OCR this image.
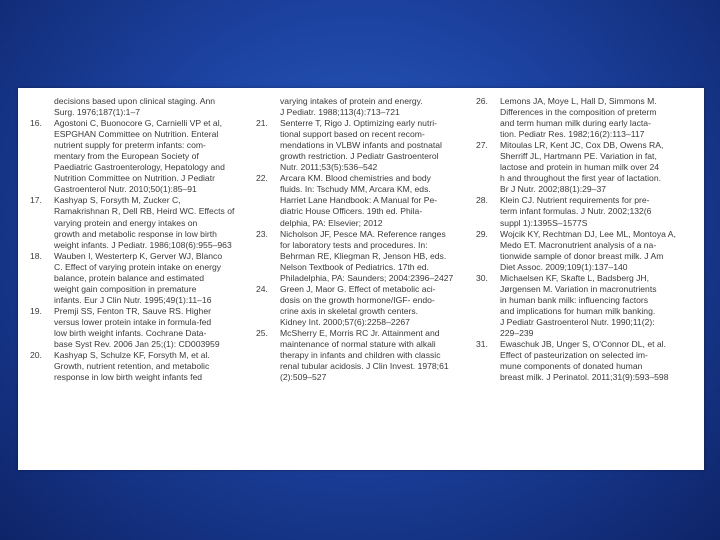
decisions based upon clinical staging. Ann
Surg. 1976;187(1):1–7
16.	Agostoni C, Buonocore G, Carnielli VP et al,
ESPGHAN Committee on Nutrition. Enteral
nutrient supply for preterm infants: com-
mentary from the European Society of
Paediatric Gastroenterology, Hepatology and
Nutrition Committee on Nutrition. J Pediatr
Gastroenterol Nutr. 2010;50(1):85–91
17.	Kashyap S, Forsyth M, Zucker C,
Ramakrishnan R, Dell RB, Heird WC. Effects of
varying protein and energy intakes on
growth and metabolic response in low birth
weight infants. J Pediatr. 1986;108(6):955–963
18.	Wauben I, Westerterp K, Gerver WJ, Blanco
C. Effect of varying protein intake on energy
balance, protein balance and estimated
weight gain composition in premature
infants. Eur J Clin Nutr. 1995;49(1):11–16
19.	Premji SS, Fenton TR, Sauve RS. Higher
versus lower protein intake in formula-fed
low birth weight infants. Cochrane Data-
base Syst Rev. 2006 Jan 25;(1): CD003959
20.	Kashyap S, Schulze KF, Forsyth M, et al.
Growth, nutrient retention, and metabolic
response in low birth weight infants fed
varying intakes of protein and energy.
J Pediatr. 1988;113(4):713–721
21.	Senterre T, Rigo J. Optimizing early nutri-
tional support based on recent recom-
mendations in VLBW infants and postnatal
growth restriction. J Pediatr Gastroenterol
Nutr. 2011;53(5):536–542
22.	Arcara KM. Blood chemistries and body
fluids. In: Tschudy MM, Arcara KM, eds.
Harriet Lane Handbook: A Manual for Pe-
diatric House Officers. 19th ed. Phila-
delphia, PA: Elsevier; 2012
23.	Nicholson JF, Pesce MA. Reference ranges
for laboratory tests and procedures. In:
Behrman RE, Kliegman R, Jenson HB, eds.
Nelson Textbook of Pediatrics. 17th ed.
Philadelphia, PA: Saunders; 2004:2396–2427
24.	Green J, Maor G. Effect of metabolic aci-
dosis on the growth hormone/IGF- endo-
crine axis in skeletal growth centers.
Kidney Int. 2000;57(6):2258–2267
25.	McSherry E, Morris RC Jr. Attainment and
maintenance of normal stature with alkali
therapy in infants and children with classic
renal tubular acidosis. J Clin Invest. 1978;61
(2):509–527
26.	Lemons JA, Moye L, Hall D, Simmons M.
Differences in the composition of preterm
and term human milk during early lacta-
tion. Pediatr Res. 1982;16(2):113–117
27.	Mitoulas LR, Kent JC, Cox DB, Owens RA,
Sherriff JL, Hartmann PE. Variation in fat,
lactose and protein in human milk over 24
h and throughout the first year of lactation.
Br J Nutr. 2002;88(1):29–37
28.	Klein CJ. Nutrient requirements for pre-
term infant formulas. J Nutr. 2002;132(6
suppl 1):1395S–1577S
29.	Wojcik KY, Rechtman DJ, Lee ML, Montoya A,
Medo ET. Macronutrient analysis of a na-
tionwide sample of donor breast milk. J Am
Diet Assoc. 2009;109(1):137–140
30.	Michaelsen KF, Skafte L, Badsberg JH,
Jørgensen M. Variation in macronutrients
in human bank milk: influencing factors
and implications for human milk banking.
J Pediatr Gastroenterol Nutr. 1990;11(2):
229–239
31.	Ewaschuk JB, Unger S, O'Connor DL, et al.
Effect of pasteurization on selected im-
mune components of donated human
breast milk. J Perinatol. 2011;31(9):593–598
